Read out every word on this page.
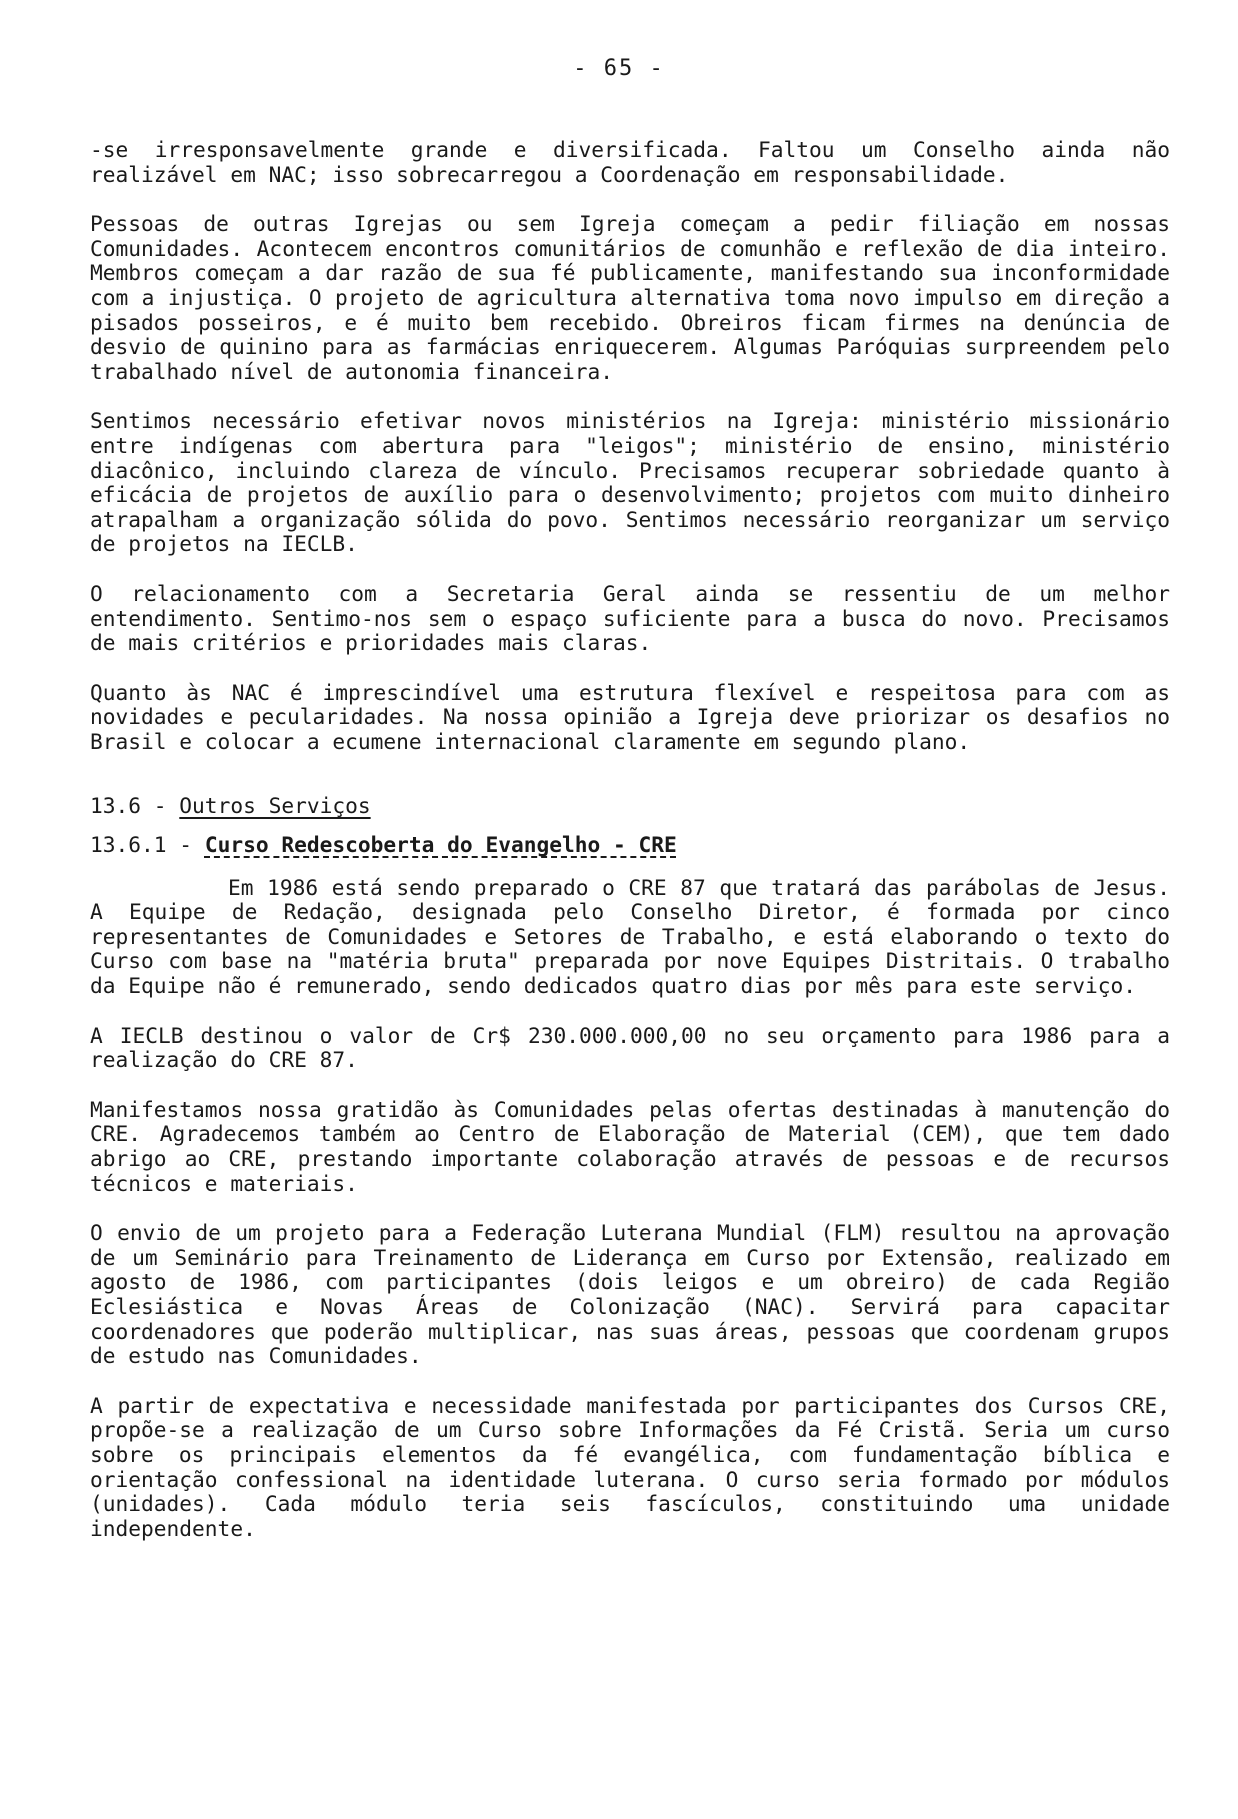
- 65 -

-se irresponsavelmente grande e diversificada. Faltou um Conselho ainda não realizável em NAC; isso sobrecarregou a Coordenação em responsabilidade.

Pessoas de outras Igrejas ou sem Igreja começam a pedir filiação em nossas Comunidades. Acontecem encontros comunitários de comunhão e reflexão de dia inteiro. Membros começam a dar razão de sua fé publicamente, manifestando sua inconformidade com a injustiça. O projeto de agricultura alternativa toma novo impulso em direção a pisados posseiros, e é muito bem recebido. Obreiros ficam firmes na denúncia de desvio de quinino para as farmácias enriquecerem. Algumas Paróquias surpreendem pelo trabalhado nível de autonomia financeira.

Sentimos necessário efetivar novos ministérios na Igreja: ministério missionário entre indígenas com abertura para "leigos"; ministério de ensino, ministério diacônico, incluindo clareza de vínculo. Precisamos recuperar sobriedade quanto à eficácia de projetos de auxílio para o desenvolvimento; projetos com muito dinheiro atrapalham a organização sólida do povo. Sentimos necessário reorganizar um serviço de projetos na IECLB.

O relacionamento com a Secretaria Geral ainda se ressentiu de um melhor entendimento. Sentimo-nos sem o espaço suficiente para a busca do novo. Precisamos de mais critérios e prioridades mais claras.

Quanto às NAC é imprescindível uma estrutura flexível e respeitosa para com as novidades e pecularidades. Na nossa opinião a Igreja deve priorizar os desafios no Brasil e colocar a ecumene internacional claramente em segundo plano.

13.6 - Outros Serviços
13.6.1 - Curso Redescoberta do Evangelho - CRE

Em 1986 está sendo preparado o CRE 87 que tratará das parábolas de Jesus. A Equipe de Redação, designada pelo Conselho Diretor, é formada por cinco representantes de Comunidades e Setores de Trabalho, e está elaborando o texto do Curso com base na "matéria bruta" preparada por nove Equipes Distritais. O trabalho da Equipe não é remunerado, sendo dedicados quatro dias por mês para este serviço.

A IECLB destinou o valor de Cr$ 230.000.000,00 no seu orçamento para 1986 para a realização do CRE 87.

Manifestamos nossa gratidão às Comunidades pelas ofertas destinadas à manutenção do CRE. Agradecemos também ao Centro de Elaboração de Material (CEM), que tem dado abrigo ao CRE, prestando importante colaboração através de pessoas e de recursos técnicos e materiais.

O envio de um projeto para a Federação Luterana Mundial (FLM) resultou na aprovação de um Seminário para Treinamento de Liderança em Curso por Extensão, realizado em agosto de 1986, com participantes (dois leigos e um obreiro) de cada Região Eclesiástica e Novas Áreas de Colonização (NAC). Servirá para capacitar coordenadores que poderão multiplicar, nas suas áreas, pessoas que coordenam grupos de estudo nas Comunidades.

A partir de expectativa e necessidade manifestada por participantes dos Cursos CRE, propõe-se a realização de um Curso sobre Informações da Fé Cristã. Seria um curso sobre os principais elementos da fé evangélica, com fundamentação bíblica e orientação confessional na identidade luterana. O curso seria formado por módulos (unidades). Cada módulo teria seis fascículos, constituindo uma unidade independente.
